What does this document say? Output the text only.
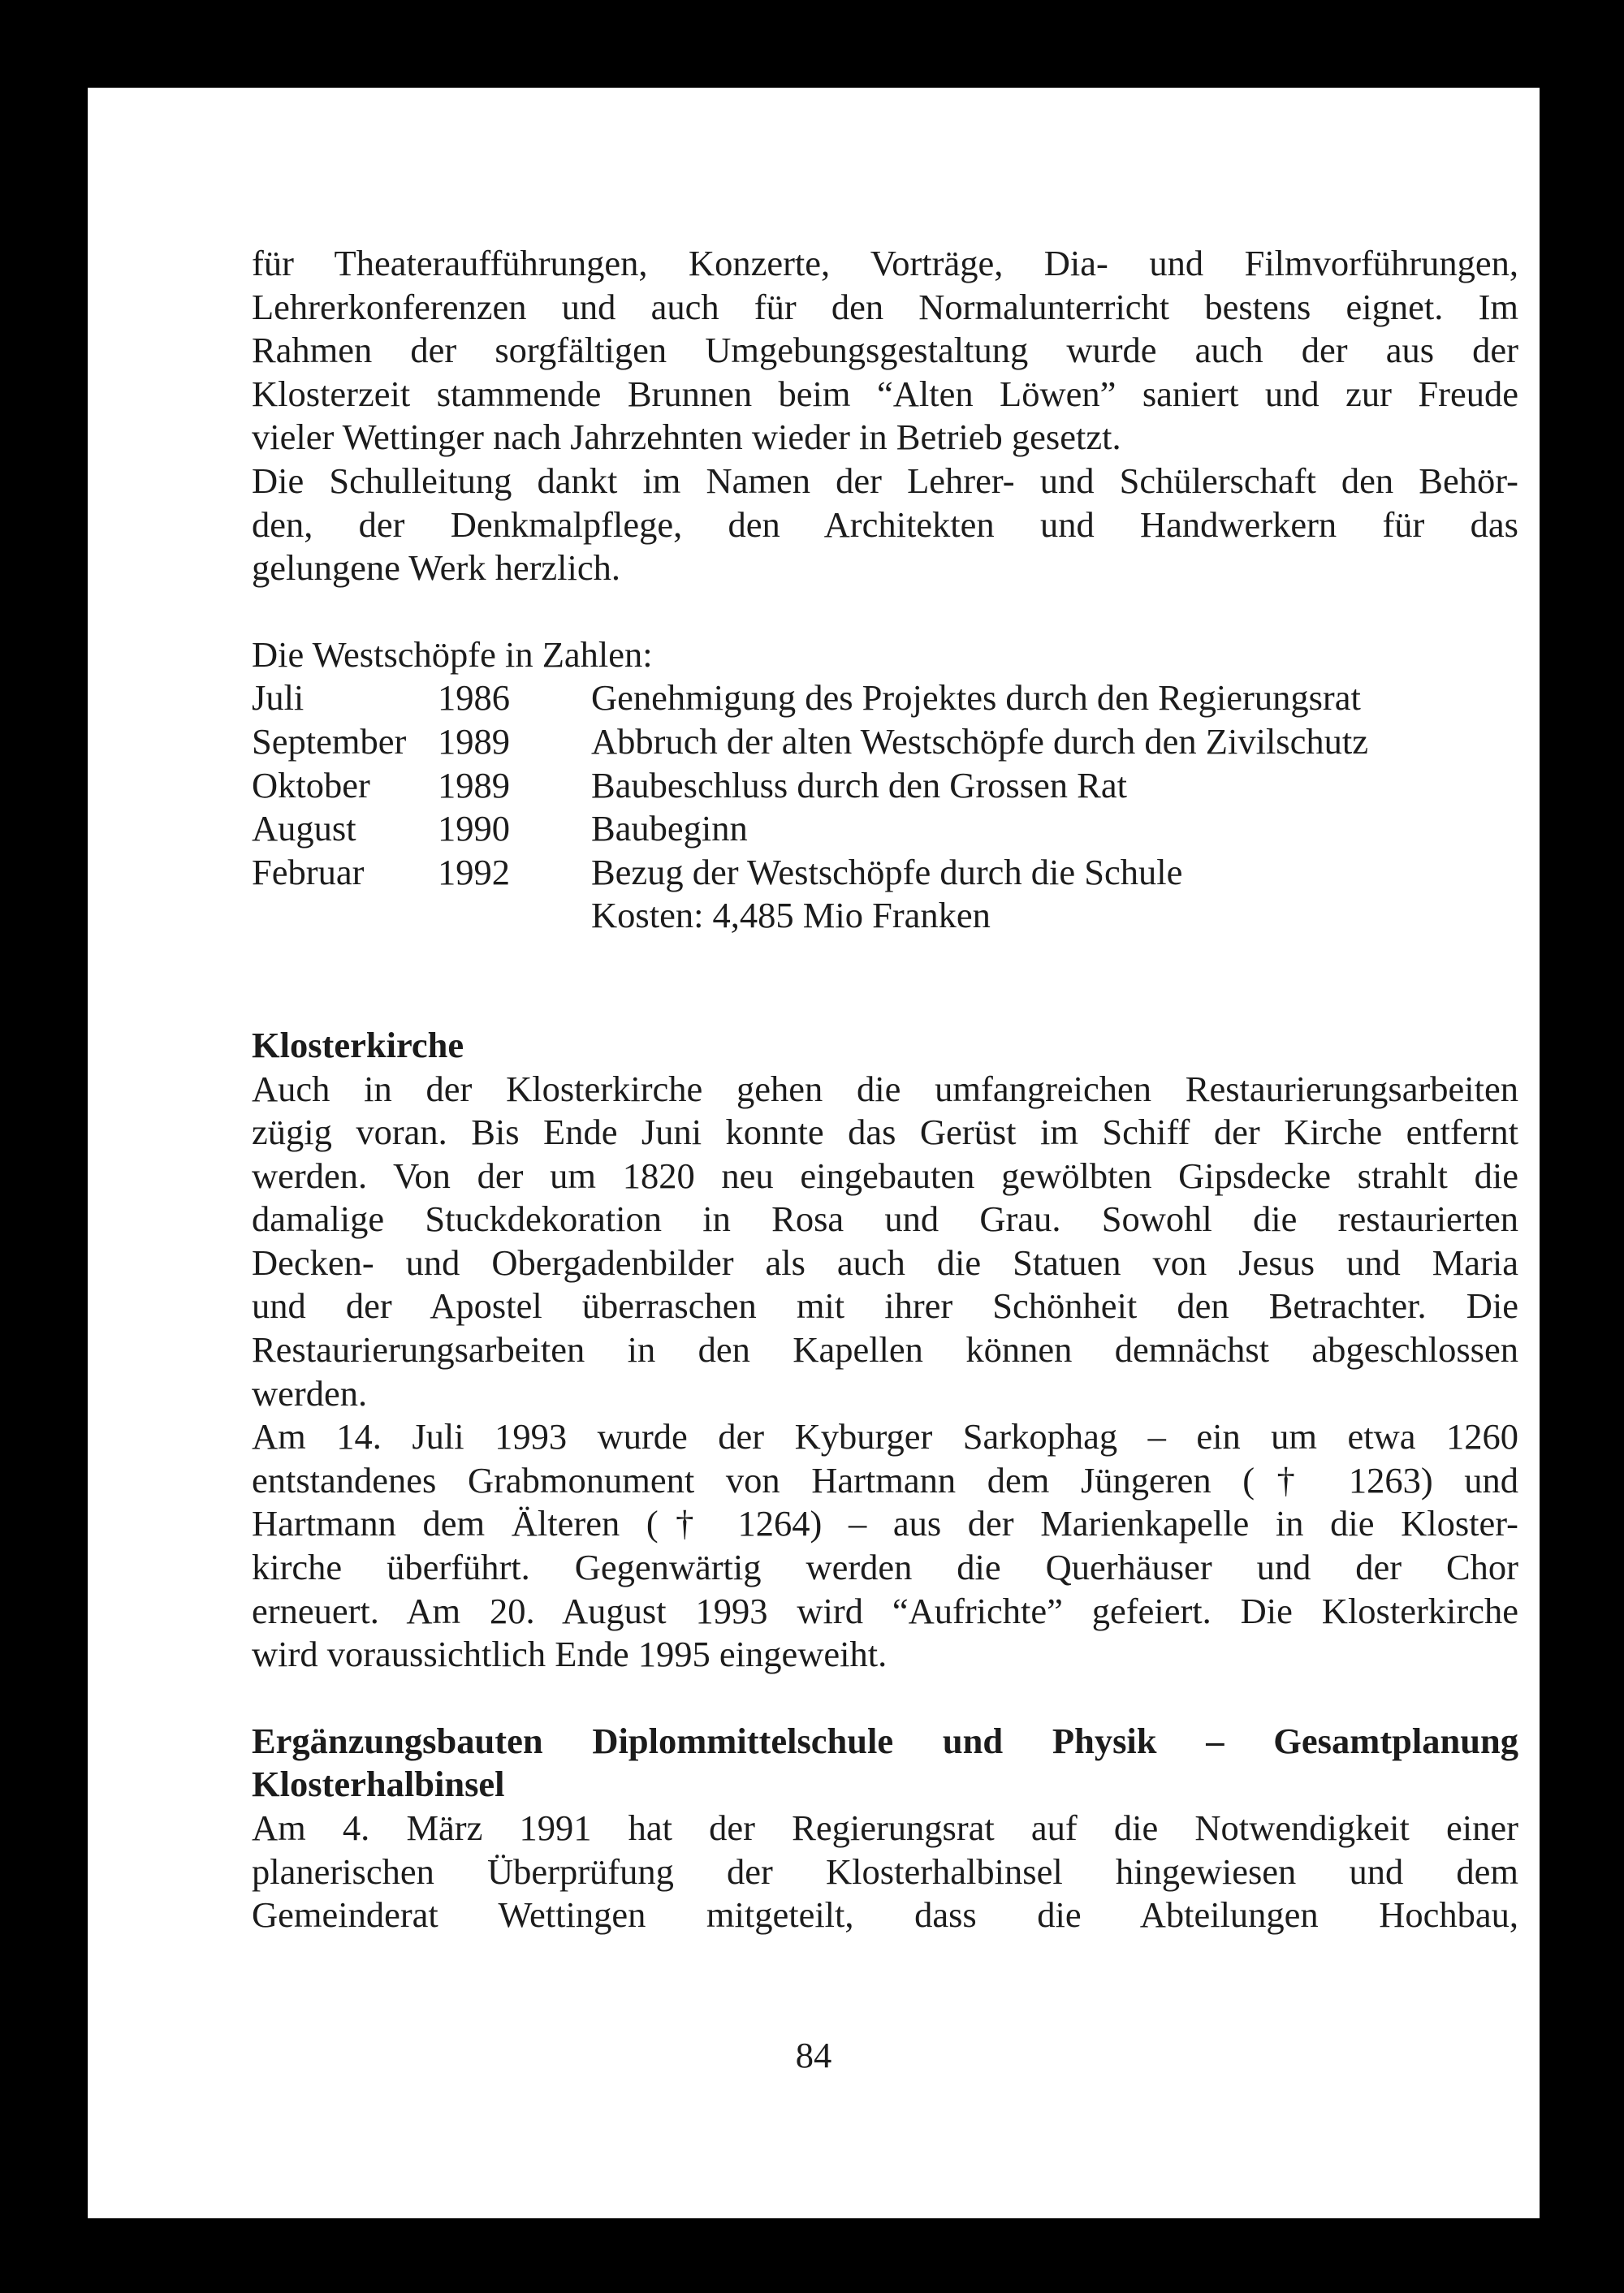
für Theateraufführungen, Konzerte, Vorträge, Dia- und Filmvorführungen,
Lehrerkonferenzen und auch für den Normalunterricht bestens eignet. Im
Rahmen der sorgfältigen Umgebungsgestaltung wurde auch der aus der
Klosterzeit stammende Brunnen beim “Alten Löwen” saniert und zur Freude
vieler Wettinger nach Jahrzehnten wieder in Betrieb gesetzt.

Die Schulleitung dankt im Namen der Lehrer- und Schülerschaft den Behör-
den, der Denkmalpflege, den Architekten und Handwerkern für das
gelungene Werk herzlich.

Die Westschöpfe in Zahlen:

Juli	1986	Genehmigung des Projektes durch den Regierungsrat
September 1989	Abbruch der alten Westschöpfe durch den Zivilschutz
Oktober	1989	Baubeschluss durch den Grossen Rat
August	1990	Baubeginn
Februar	1992	Bezug der Westschöpfe durch die Schule
Kosten: 4,485 Mio Franken

Klosterkirche

Auch in der Klosterkirche gehen die umfangreichen Restaurierungsarbeiten
zügig voran. Bis Ende Juni konnte das Gerüst im Schiff der Kirche entfernt
werden. Von der um 1820 neu eingebauten gewölbten Gipsdecke strahlt die
damalige Stuckdekoration in Rosa und Grau. Sowohl die restaurierten
Decken- und Obergadenbilder als auch die Statuen von Jesus und Maria
und der Apostel überraschen mit ihrer Schönheit den Betrachter. Die
Restaurierungsarbeiten in den Kapellen können demnächst abgeschlossen
werden.

Am 14. Juli 1993 wurde der Kyburger Sarkophag – ein um etwa 1260
entstandenes Grabmonument von Hartmann dem Jüngeren († 1263) und
Hartmann dem Älteren († 1264) – aus der Marienkapelle in die Kloster-
kirche überführt. Gegenwärtig werden die Querhäuser und der Chor
erneuert. Am 20. August 1993 wird “Aufrichte” gefeiert. Die Klosterkirche
wird voraussichtlich Ende 1995 eingeweiht.

Ergänzungsbauten Diplommittelschule und Physik – Gesamtplanung
Klosterhalbinsel

Am 4. März 1991 hat der Regierungsrat auf die Notwendigkeit einer
planerischen Überprüfung der Klosterhalbinsel hingewiesen und dem
Gemeinderat Wettingen mitgeteilt, dass die Abteilungen Hochbau,

84
